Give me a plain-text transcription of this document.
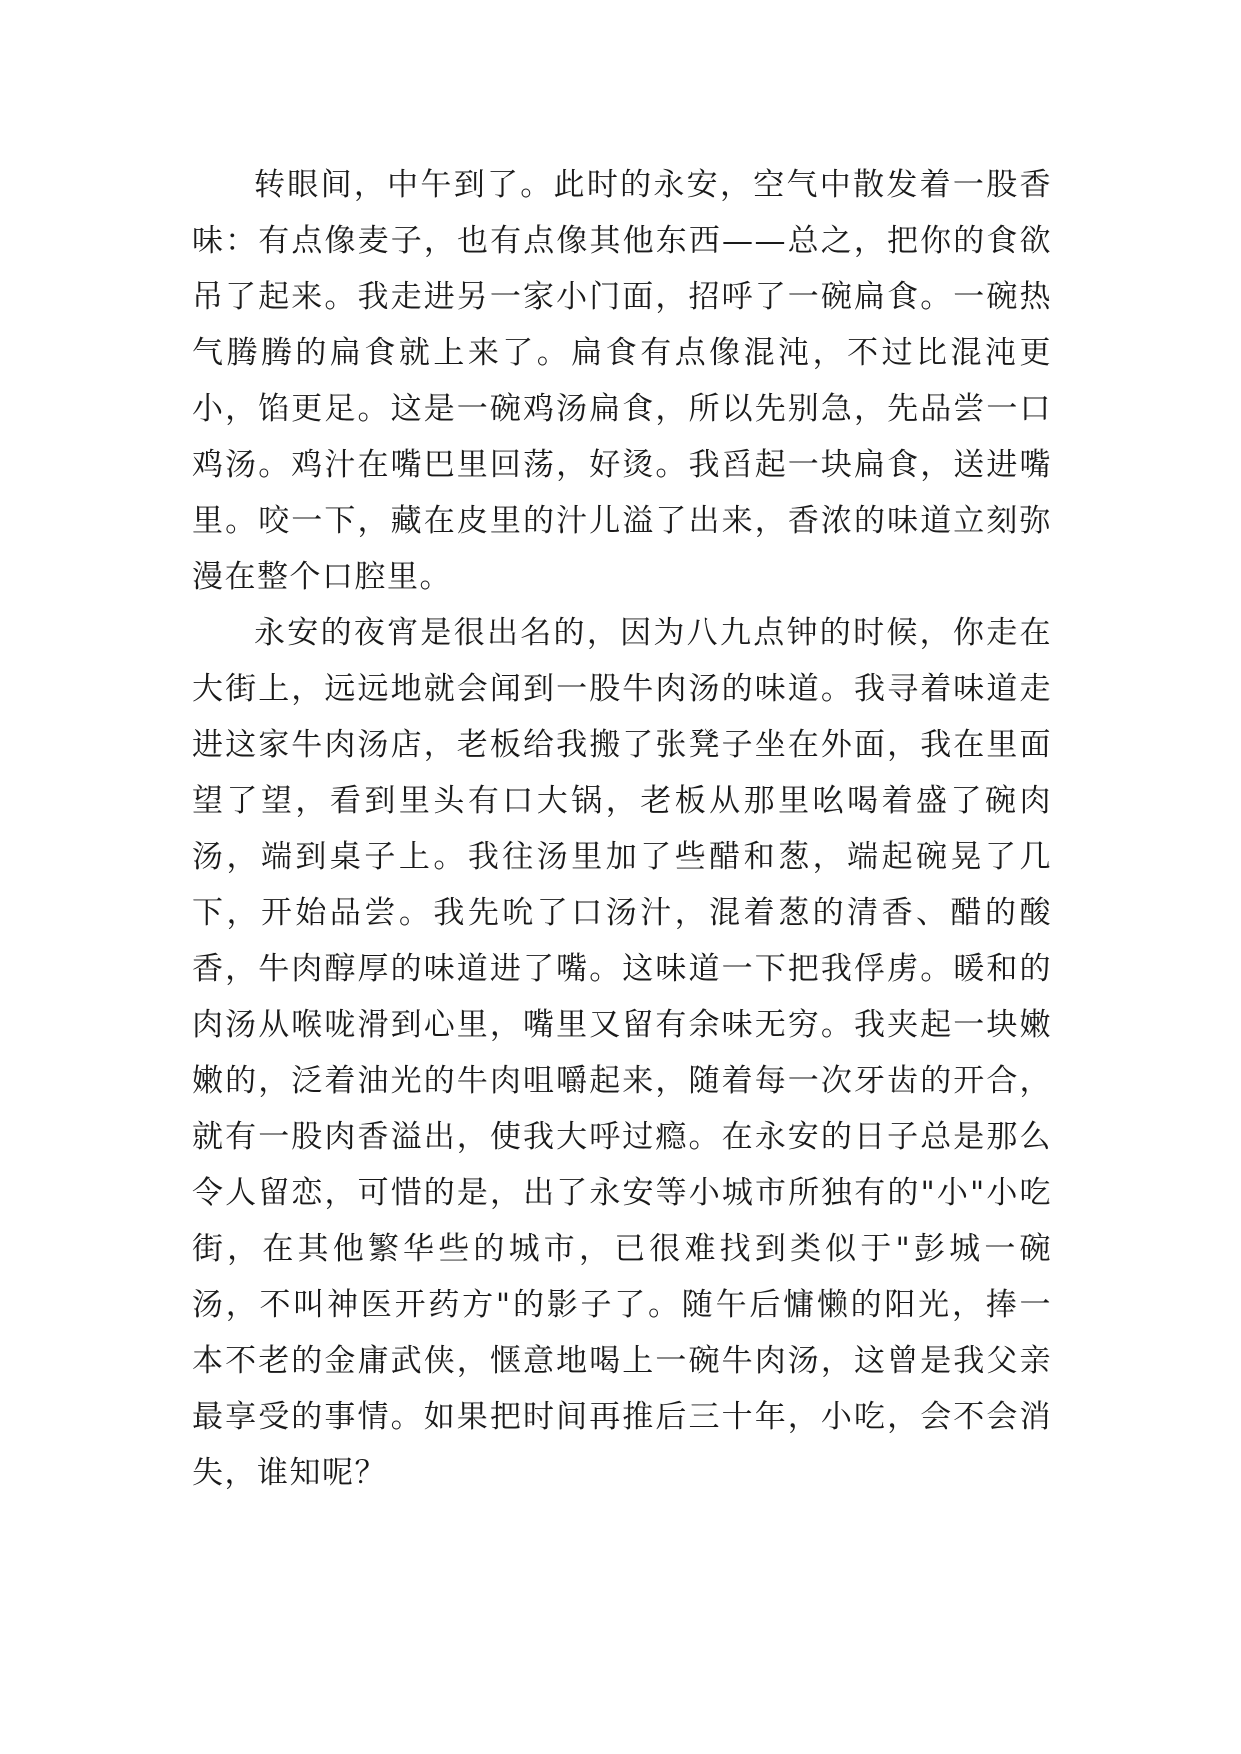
转眼间，中午到了。此时的永安，空气中散发着一股香味：有点像麦子，也有点像其他东西——总之，把你的食欲吊了起来。我走进另一家小门面，招呼了一碗扁食。一碗热气腾腾的扁食就上来了。扁食有点像混沌，不过比混沌更小，馅更足。这是一碗鸡汤扁食，所以先别急，先品尝一口鸡汤。鸡汁在嘴巴里回荡，好烫。我舀起一块扁食，送进嘴里。咬一下，藏在皮里的汁儿溢了出来，香浓的味道立刻弥漫在整个口腔里。

永安的夜宵是很出名的，因为八九点钟的时候，你走在大街上，远远地就会闻到一股牛肉汤的味道。我寻着味道走进这家牛肉汤店，老板给我搬了张凳子坐在外面，我在里面望了望，看到里头有口大锅，老板从那里吆喝着盛了碗肉汤，端到桌子上。我往汤里加了些醋和葱，端起碗晃了几下，开始品尝。我先吮了口汤汁，混着葱的清香、醋的酸香，牛肉醇厚的味道进了嘴。这味道一下把我俘虏。暖和的肉汤从喉咙滑到心里，嘴里又留有余味无穷。我夹起一块嫩嫩的，泛着油光的牛肉咀嚼起来，随着每一次牙齿的开合，就有一股肉香溢出，使我大呼过瘾。在永安的日子总是那么令人留恋，可惜的是，出了永安等小城市所独有的"小"小吃街，在其他繁华些的城市，已很难找到类似于"彭城一碗汤，不叫神医开药方"的影子了。随午后慵懒的阳光，捧一本不老的金庸武侠，惬意地喝上一碗牛肉汤，这曾是我父亲最享受的事情。如果把时间再推后三十年，小吃，会不会消失，谁知呢？
